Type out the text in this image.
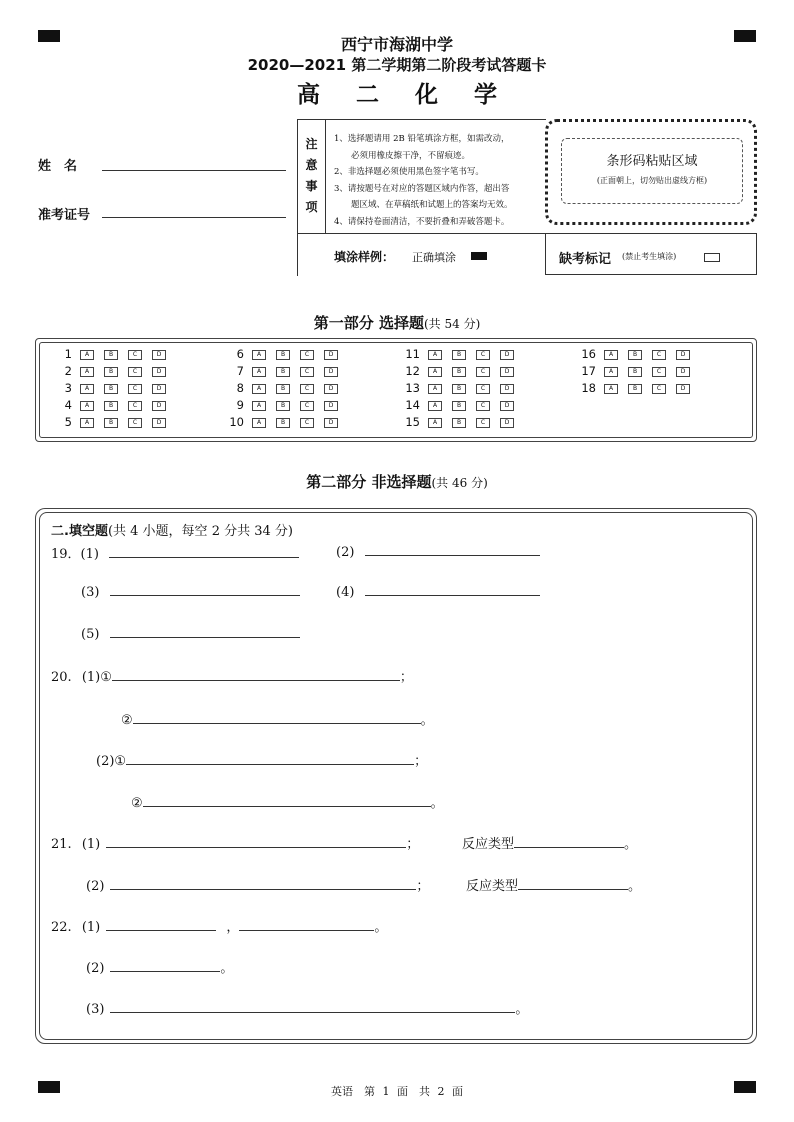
西宁市海湖中学
2020—2021 第二学期第二阶段考试答题卡
高 二 化 学
姓　名
准考证号
注
意
事
项
1、选择题请用 2B 铅笔填涂方框，如需改动，
　　必须用橡皮擦干净，不留痕迹。
2、非选择题必须使用黑色签字笔书写。
3、请按题号在对应的答题区域内作答，超出答
　　题区域、在草稿纸和试题上的答案均无效。
4、请保持卷面清洁，不要折叠和弄破答题卡。
条形码粘贴区域
(正面朝上，切勿贴出虚线方框)
填涂样例： 正确填涂	缺考标记 (禁止考生填涂)
第一部分 选择题(共 54 分)
1 A	B	C	D
2 A	B	C	D
3 A	B	C	D
4 A	B	C	D
5 A	B	C	D
6 A	B	C	D
7 A	B	C	D
8 A	B	C	D
9 A	B	C	D
10 A	B	C	D
11 A	B	C	D
12 A	B	C	D
13 A	B	C	D
14 A	B	C	D
15 A	B	C	D
16 A	B	C	D
17 A	B	C	D
18 A	B	C	D
第二部分 非选择题(共 46 分)
二.填空题(共 4 小题，每空 2 分共 34 分)
19．(1)	(2)
(3)	(4)
(5)
20. (1)①	；
②	。
(2)①	；
②	。
21. (1)	；	反应类型	。
(2)	；	反应类型	。
22. (1)	，	。
(2)	。
(3)	。
英语　第 1 面　共 2 面
